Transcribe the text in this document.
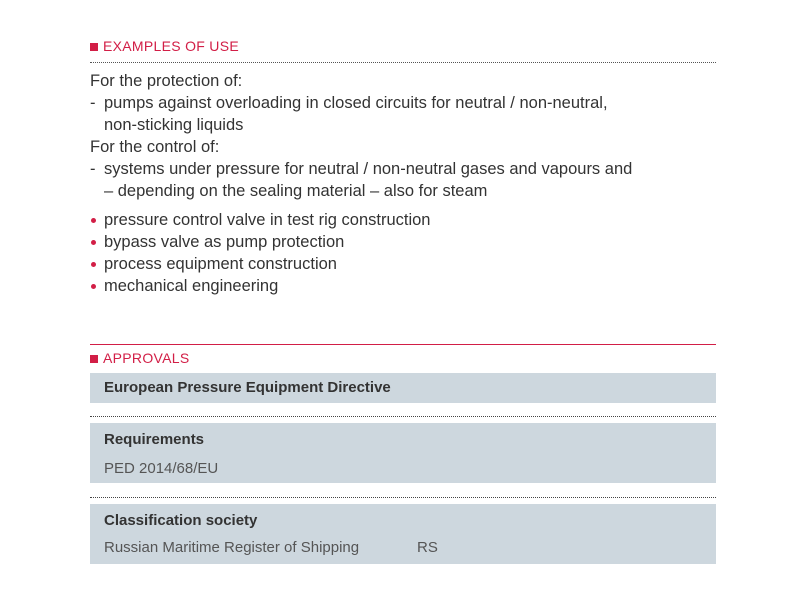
EXAMPLES OF USE
For the protection of:
- pumps against overloading in closed circuits for neutral / non-neutral,
non-sticking liquids
For the control of:
- systems under pressure for neutral / non-neutral gases and vapours and
– depending on the sealing material – also for steam
pressure control valve in test rig construction
bypass valve as pump protection
process equipment construction
mechanical engineering
APPROVALS
European Pressure Equipment Directive
Requirements
PED 2014/68/EU
Classification society
Russian Maritime Register of Shipping	RS
